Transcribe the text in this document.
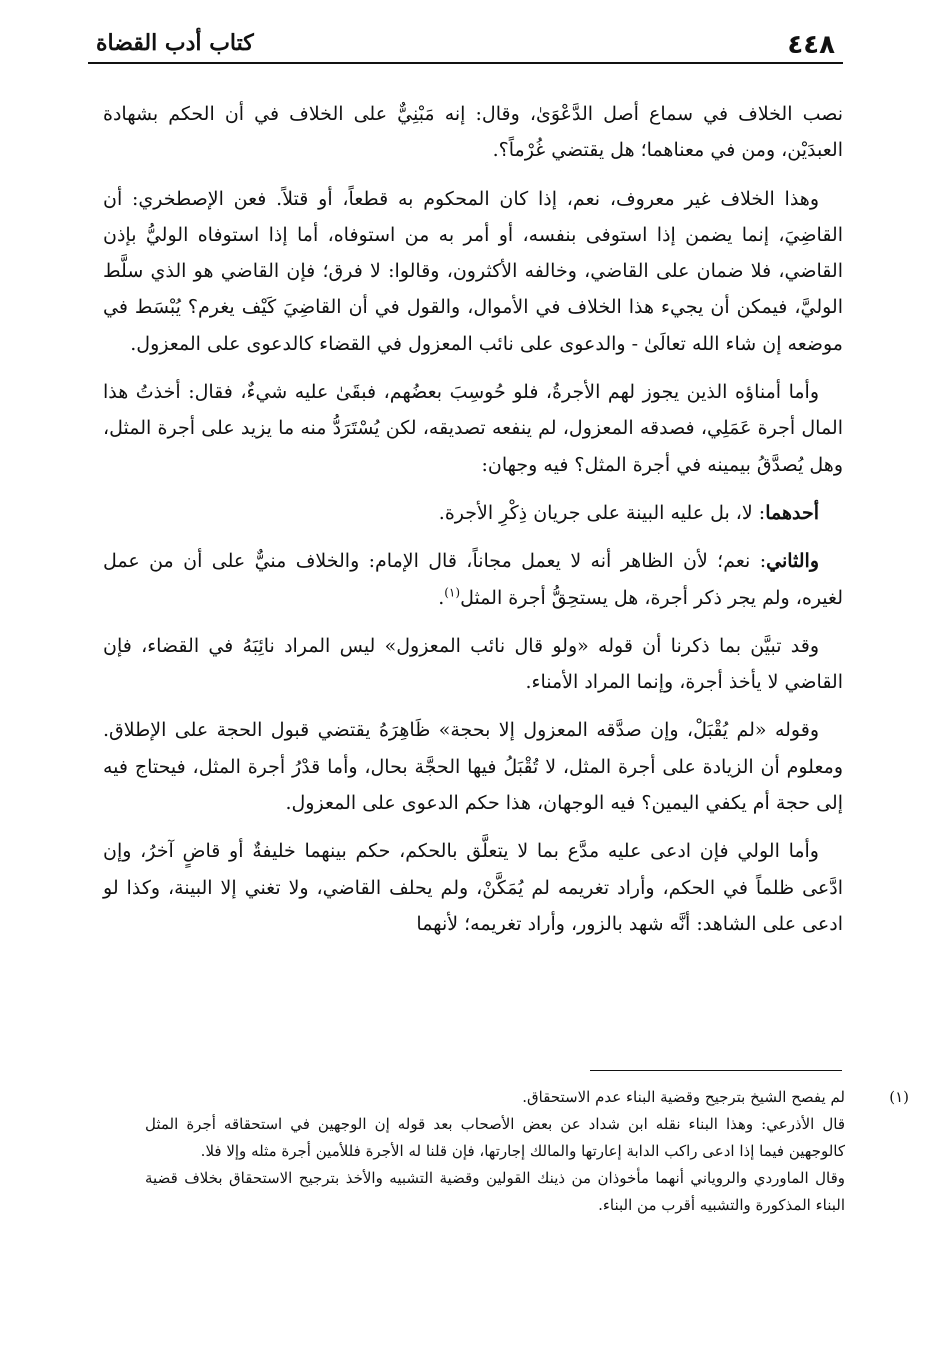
٤٤٨
كتاب أدب القضاة

نصب الخلاف في سماع أصل الدَّعْوَىٰ، وقال: إنه مَبْنِيٌّ على الخلاف في أن الحكم بشهادة العبدَيْن، ومن في معناهما؛ هل يقتضي غُرْماً؟.

وهذا الخلاف غير معروف، نعم، إذا كان المحكوم به قطعاً، أو قتلاً. فعن الإصطخري: أن القاضِيَ، إنما يضمن إذا استوفى بنفسه، أو أمر به من استوفاه، أما إذا استوفاه الوليُّ بإذن القاضي، فلا ضمان على القاضي، وخالفه الأكثرون، وقالوا: لا فرق؛ فإن القاضي هو الذي سلَّط الوليَّ، فيمكن أن يجيء هذا الخلاف في الأموال، والقول في أن القاضِيَ كَيْف يغرم؟ يُبْسَط في موضعه إن شاء الله تعالَىٰ - والدعوى على نائب المعزول في القضاء كالدعوى على المعزول.

وأما أمناؤه الذين يجوز لهم الأجرةُ، فلو حُوسِبَ بعضُهم، فبقَىٰ عليه شيءٌ، فقال: أخذتُ هذا المال أجرة عَمَلِي، فصدقه المعزول، لم ينفعه تصديقه، لكن يُسْتَرَدُّ منه ما يزيد على أجرة المثل، وهل يُصدَّقُ بيمينه في أجرة المثل؟ فيه وجهان:

أحدهما: لا، بل عليه البينة على جريان ذِكْرِ الأجرة.

والثاني: نعم؛ لأن الظاهر أنه لا يعمل مجاناً، قال الإمام: والخلاف منيٌّ على أن من عمل لغيره، ولم يجر ذكر أجرة، هل يستحِقُّ أجرة المثل$^{(١)}$.

وقد تبيَّن بما ذكرنا أن قوله «ولو قال نائب المعزول» ليس المراد نائِبَهُ في القضاء، فإن القاضي لا يأخذ أجرة، وإنما المراد الأمناء.

وقوله «لم يُقْبَلْ، وإن صدَّقه المعزول إلا بحجة» ظَاهِرَهُ يقتضي قبول الحجة على الإطلاق. ومعلوم أن الزيادة على أجرة المثل، لا تُقْبَلُ فيها الحجَّة بحال، وأما قدْرُ أجرة المثل، فيحتاج فيه إلى حجة أم يكفي اليمين؟ فيه الوجهان، هذا حكم الدعوى على المعزول.

وأما الولي فإن ادعى عليه مدَّع بما لا يتعلَّق بالحكم، حكم بينهما خليفةٌ أو قاضٍ آخرُ، وإن ادَّعى ظلماً في الحكم، وأراد تغريمه لم يُمَكَّنْ، ولم يحلف القاضي، ولا تغني إلا البينة، وكذا لو ادعى على الشاهد: أنَّه شهد بالزور، وأراد تغريمه؛ لأنهما

(١)

لم يفصح الشيخ بترجيح وقضية البناء عدم الاستحقاق.

قال الأذرعي: وهذا البناء نقله ابن شداد عن بعض الأصحاب بعد قوله إن الوجهين في استحقاقه أجرة المثل كالوجهين فيما إذا ادعى راكب الدابة إعارتها والمالك إجارتها، فإن قلنا له الأجرة فللأمين أجرة مثله وإلا فلا.

وقال الماوردي والروياني أنهما مأخوذان من ذينك القولين وقضية التشبيه والأخذ بترجيح الاستحقاق بخلاف قضية البناء المذكورة والتشبيه أقرب من البناء.
